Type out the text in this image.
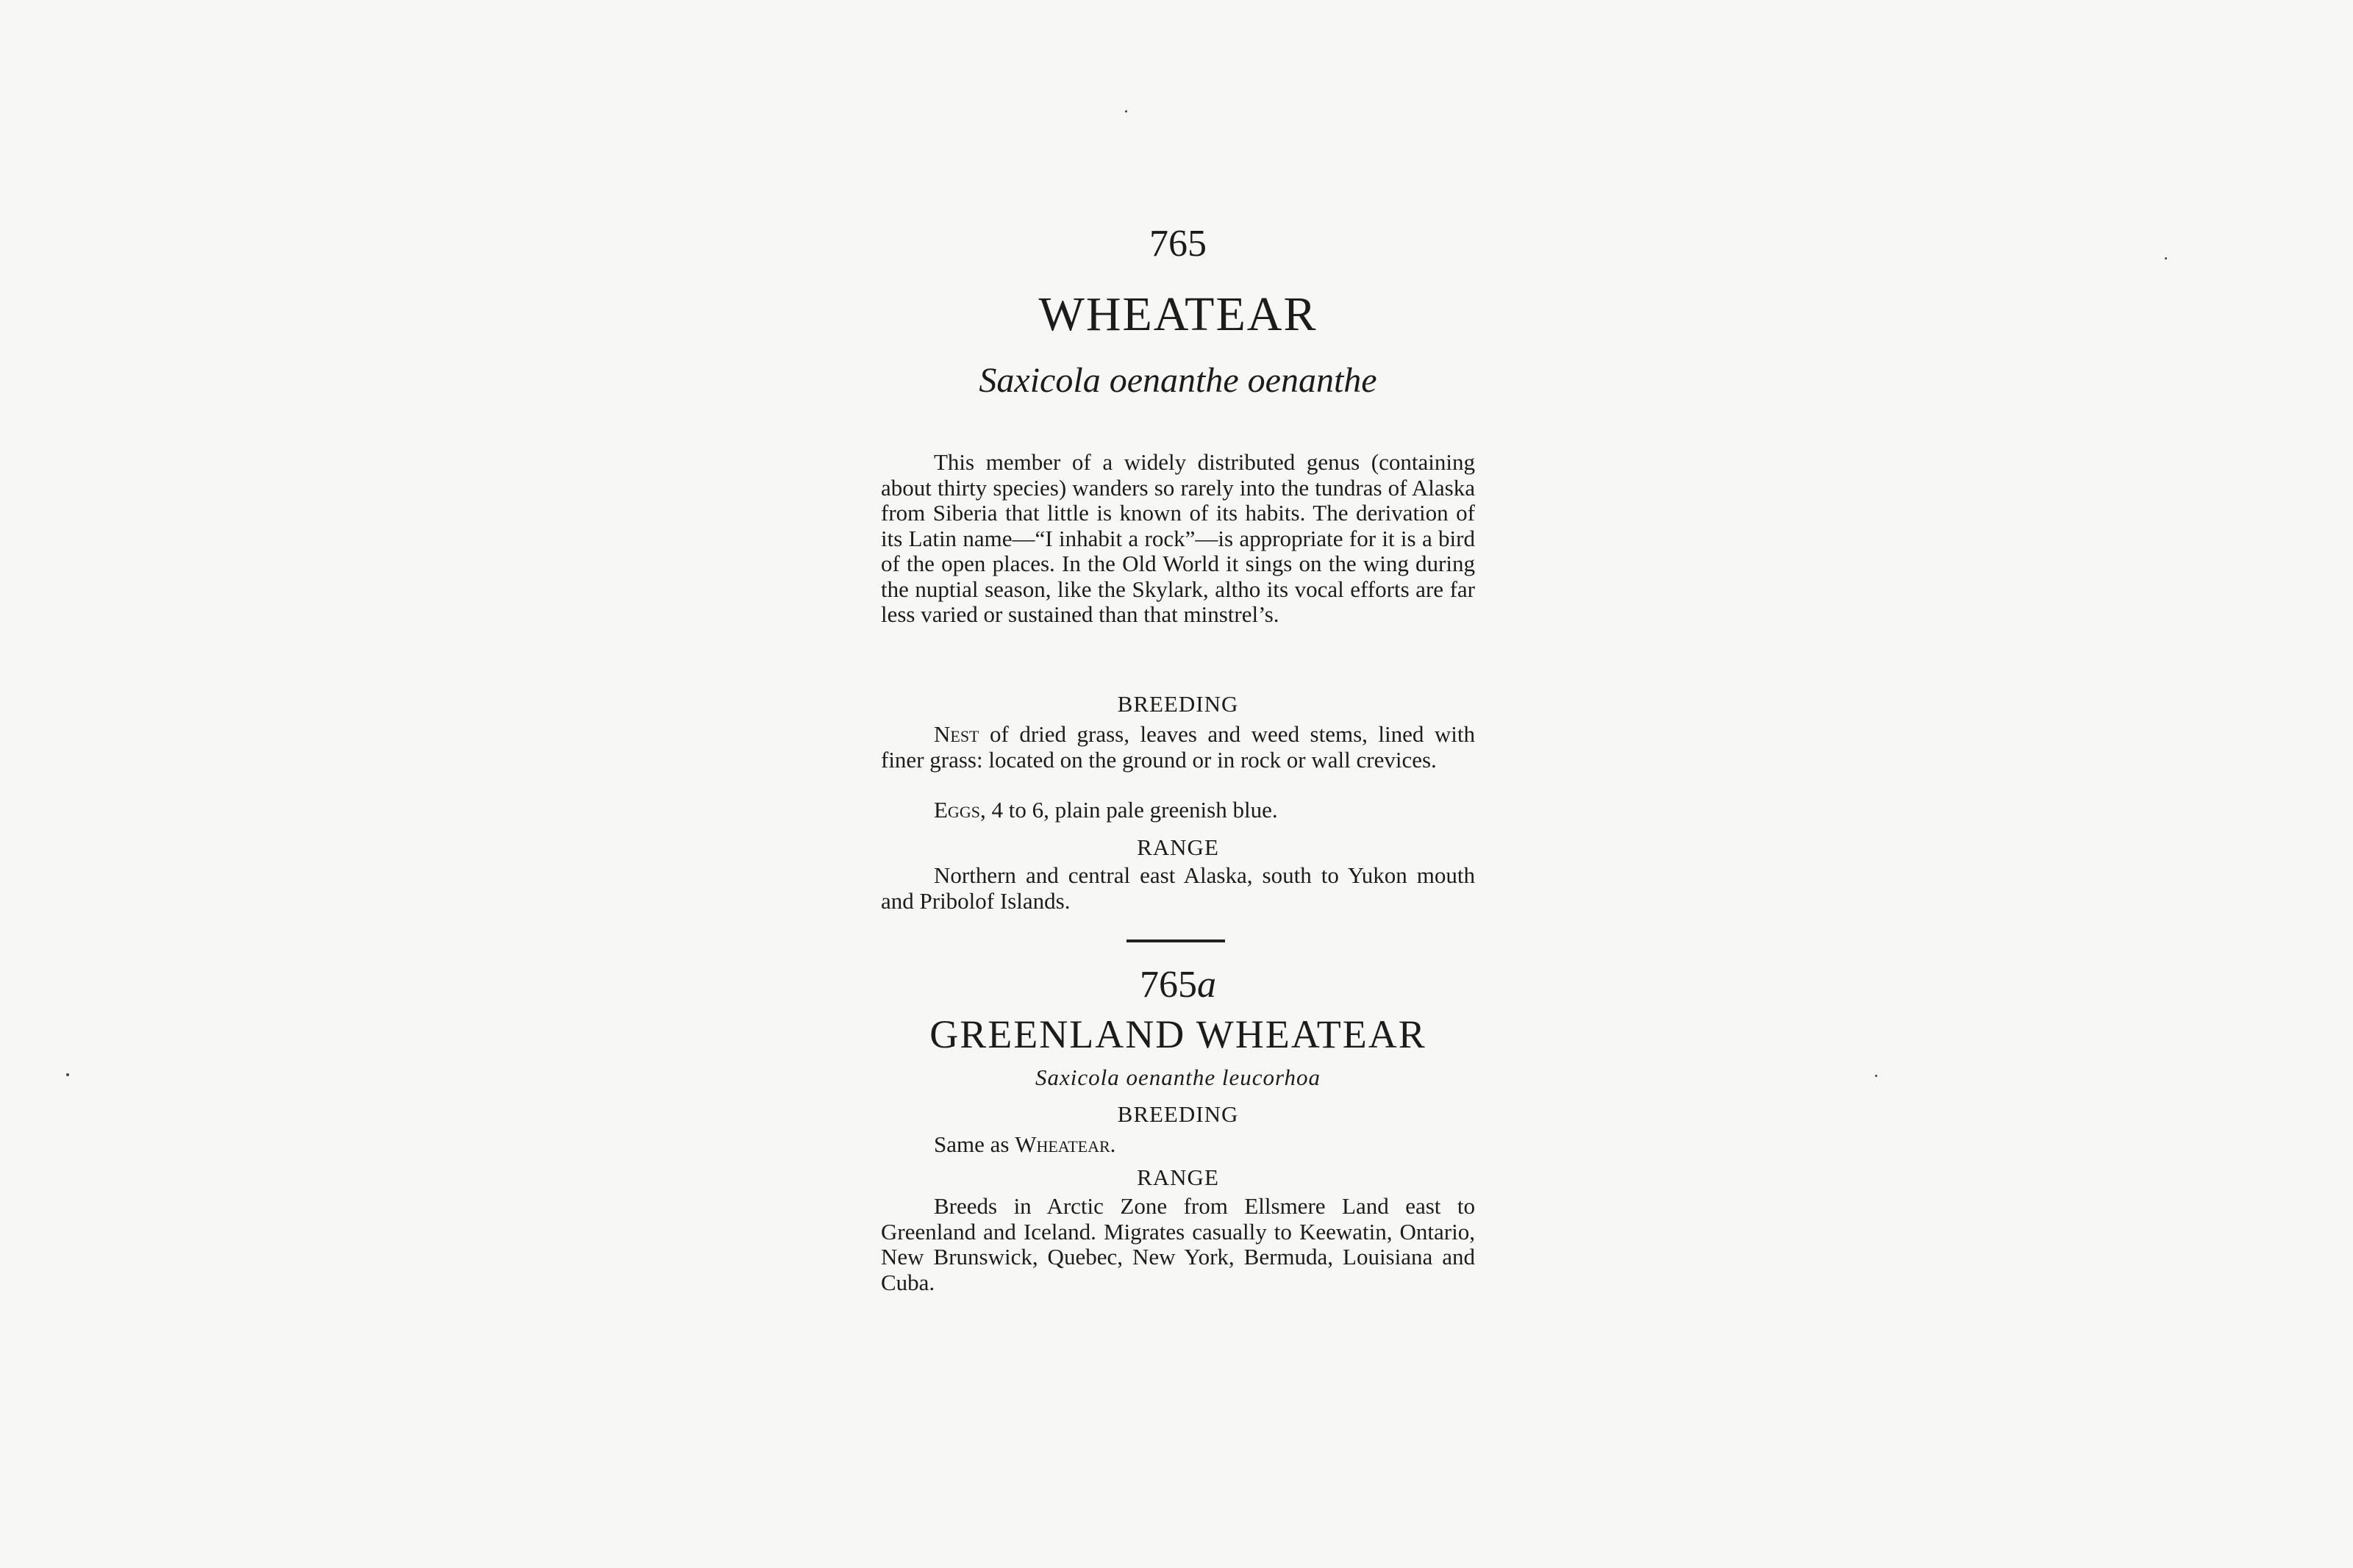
765
WHEATEAR
Saxicola oenanthe oenanthe

This member of a widely distributed genus (containing about thirty species) wanders so rarely into the tundras of Alaska from Siberia that little is known of its habits. The derivation of its Latin name—“I inhabit a rock”—is appropriate for it is a bird of the open places. In the Old World it sings on the wing during the nuptial season, like the Skylark, altho its vocal efforts are far less varied or sustained than that minstrel’s.

BREEDING

Nest of dried grass, leaves and weed stems, lined with finer grass: located on the ground or in rock or wall crevices.

Eggs, 4 to 6, plain pale greenish blue.

RANGE

Northern and central east Alaska, south to Yukon mouth and Pribolof Islands.

765a
GREENLAND WHEATEAR
Saxicola oenanthe leucorhoa
BREEDING

Same as Wheatear.

RANGE

Breeds in Arctic Zone from Ellsmere Land east to Greenland and Iceland. Migrates casually to Keewatin, Ontario, New Brunswick, Quebec, New York, Bermuda, Louisiana and Cuba.
